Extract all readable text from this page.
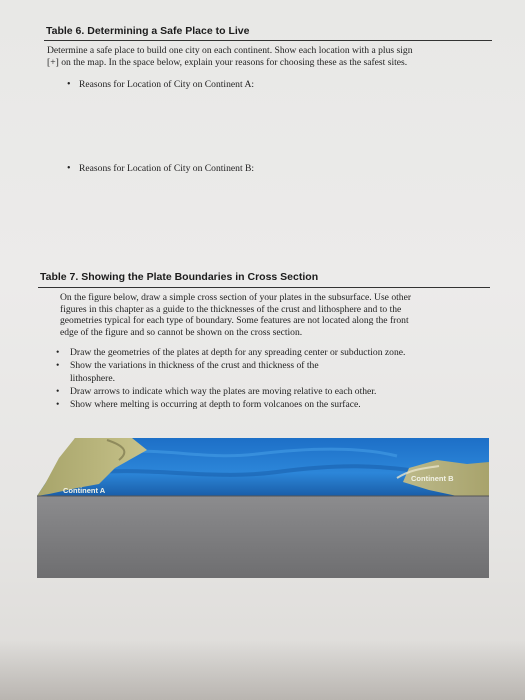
Table 6. Determining a Safe Place to Live
Determine a safe place to build one city on each continent. Show each location with a plus sign
[+] on the map. In the space below, explain your reasons for choosing these as the safest sites.
• Reasons for Location of City on Continent A:
• Reasons for Location of City on Continent B:
Table 7. Showing the Plate Boundaries in Cross Section
On the figure below, draw a simple cross section of your plates in the subsurface. Use other
figures in this chapter as a guide to the thicknesses of the crust and lithosphere and to the
geometries typical for each type of boundary. Some features are not located along the front
edge of the figure and so cannot be shown on the cross section.
• Draw the geometries of the plates at depth for any spreading center or subduction zone.
• Show the variations in thickness of the crust and thickness of the
lithosphere.
• Draw arrows to indicate which way the plates are moving relative to each other.
• Show where melting is occurring at depth to form volcanoes on the surface.
Continent A
Continent B
